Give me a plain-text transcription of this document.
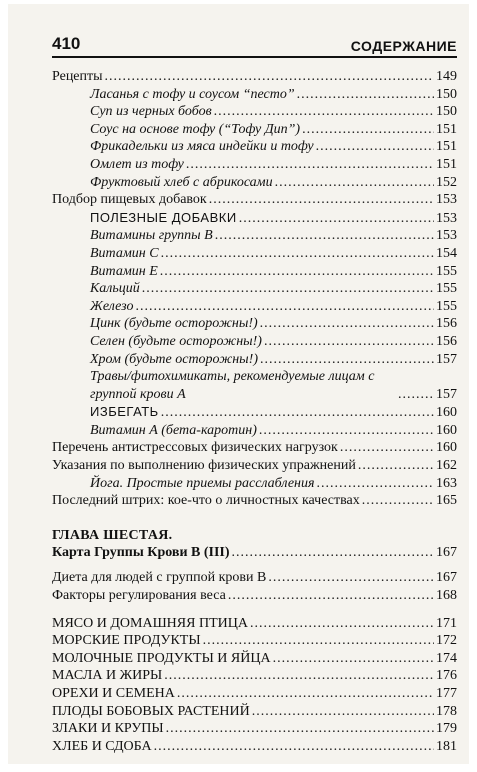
410	СОДЕРЖАНИЕ
Рецепты .....	149
Ласанья с тофу и соусом “песто” .....	150
Суп из черных бобов .....	150
Соус на основе тофу (“Тофу Дип”) .....	151
Фрикадельки из мяса индейки и тофу .....	151
Омлет из тофу .....	151
Фруктовый хлеб с абрикосами .....	152
Подбор пищевых добавок .....	153
ПОЛЕЗНЫЕ ДОБАВКИ .....	153
Витамины группы В .....	153
Витамин С .....	154
Витамин Е .....	155
Кальций .....	155
Железо .....	155
Цинк (будьте осторожны!) .....	156
Селен (будьте осторожны!) .....	156
Хром (будьте осторожны!) .....	157
Травы/фитохимикаты, рекомендуемые лицам с группой крови А .....	157
ИЗБЕГАТЬ .....	160
Витамин А (бета-каротин) .....	160
Перечень антистрессовых физических нагрузок .....	160
Указания по выполнению физических упражнений .....	162
Йога. Простые приемы расслабления .....	163
Последний штрих: кое-что о личностных качествах .....	165
ГЛАВА ШЕСТАЯ.
Карта Группы Крови В (III) .....	167
Диета для людей с группой крови В .....	167
Факторы регулирования веса .....	168
МЯСО И ДОМАШНЯЯ ПТИЦА .....	171
МОРСКИЕ ПРОДУКТЫ .....	172
МОЛОЧНЫЕ ПРОДУКТЫ И ЯЙЦА .....	174
МАСЛА И ЖИРЫ .....	176
ОРЕХИ И СЕМЕНА .....	177
ПЛОДЫ БОБОВЫХ РАСТЕНИЙ .....	178
ЗЛАКИ И КРУПЫ .....	179
ХЛЕБ И СДОБА .....	181
